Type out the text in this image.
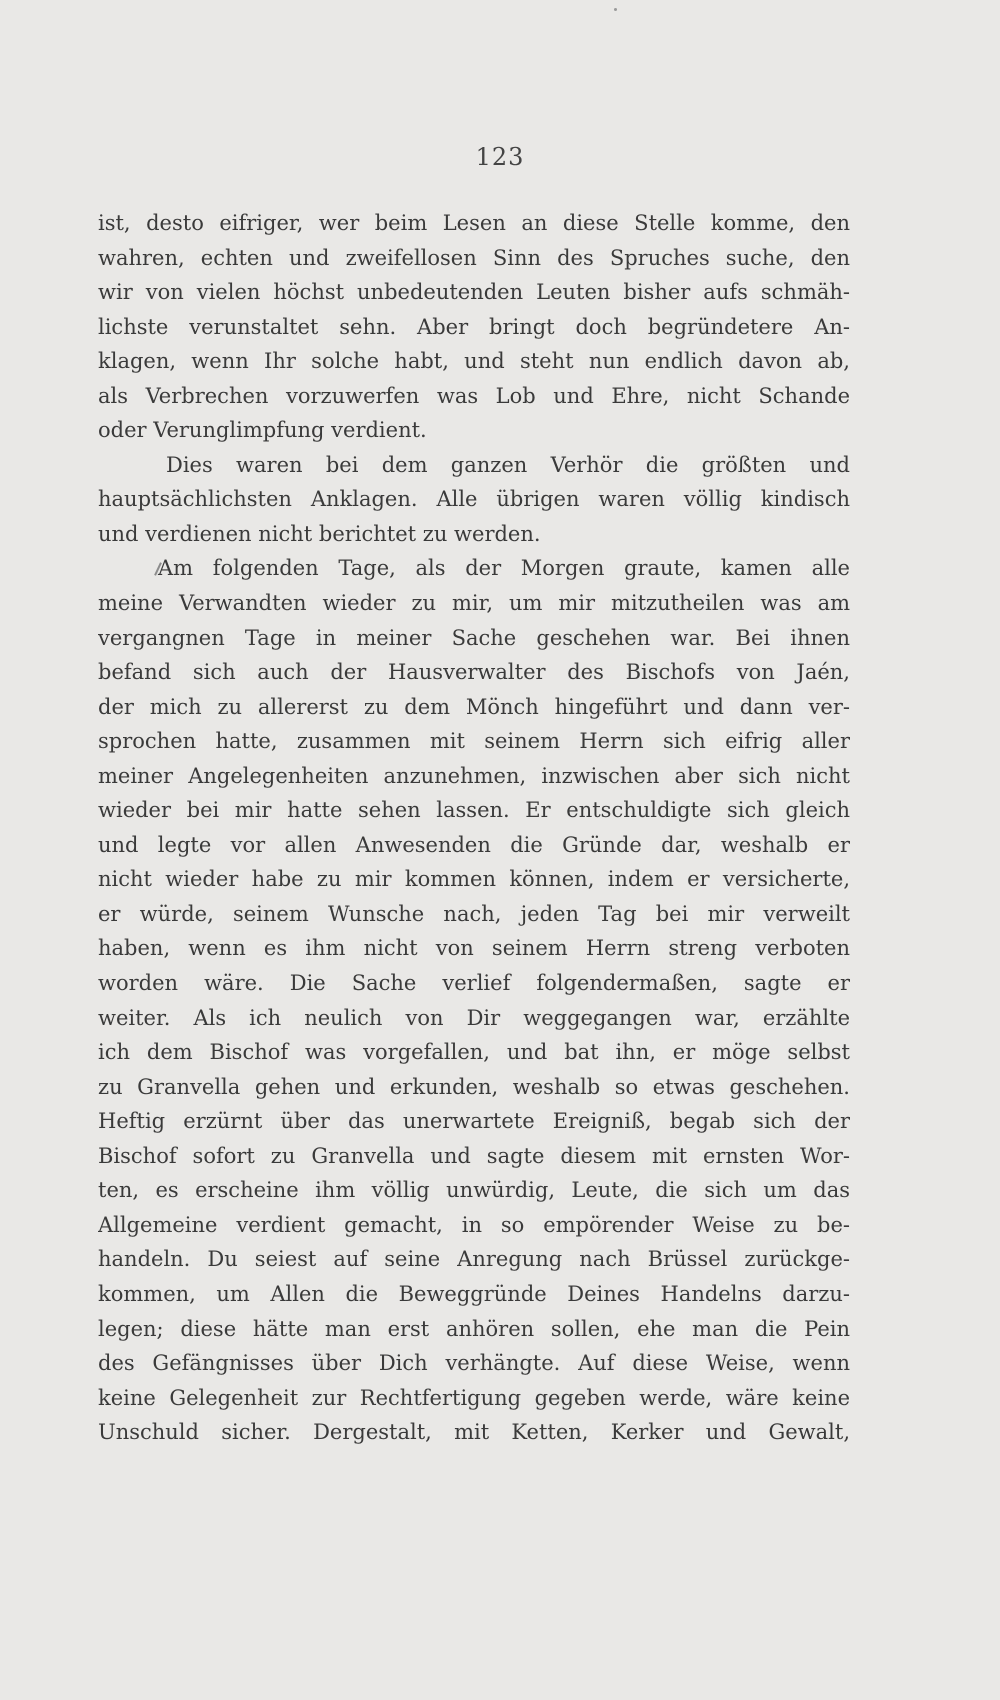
123
ist, desto eifriger, wer beim Lesen an diese Stelle komme, den
wahren, echten und zweifellosen Sinn des Spruches suche, den
wir von vielen höchst unbedeutenden Leuten bisher aufs schmäh-
lichste verunstaltet sehn. Aber bringt doch begründetere An-
klagen, wenn Ihr solche habt, und steht nun endlich davon ab,
als Verbrechen vorzuwerfen was Lob und Ehre, nicht Schande
oder Verunglimpfung verdient.
Dies waren bei dem ganzen Verhör die größten und
hauptsächlichsten Anklagen. Alle übrigen waren völlig kindisch
und verdienen nicht berichtet zu werden.
Am folgenden Tage, als der Morgen graute, kamen alle
meine Verwandten wieder zu mir, um mir mitzutheilen was am
vergangnen Tage in meiner Sache geschehen war. Bei ihnen
befand sich auch der Hausverwalter des Bischofs von Jaén,
der mich zu allererst zu dem Mönch hingeführt und dann ver-
sprochen hatte, zusammen mit seinem Herrn sich eifrig aller
meiner Angelegenheiten anzunehmen, inzwischen aber sich nicht
wieder bei mir hatte sehen lassen. Er entschuldigte sich gleich
und legte vor allen Anwesenden die Gründe dar, weshalb er
nicht wieder habe zu mir kommen können, indem er versicherte,
er würde, seinem Wunsche nach, jeden Tag bei mir verweilt
haben, wenn es ihm nicht von seinem Herrn streng verboten
worden wäre. Die Sache verlief folgendermaßen, sagte er
weiter. Als ich neulich von Dir weggegangen war, erzählte
ich dem Bischof was vorgefallen, und bat ihn, er möge selbst
zu Granvella gehen und erkunden, weshalb so etwas geschehen.
Heftig erzürnt über das unerwartete Ereigniß, begab sich der
Bischof sofort zu Granvella und sagte diesem mit ernsten Wor-
ten, es erscheine ihm völlig unwürdig, Leute, die sich um das
Allgemeine verdient gemacht, in so empörender Weise zu be-
handeln. Du seiest auf seine Anregung nach Brüssel zurückge-
kommen, um Allen die Beweggründe Deines Handelns darzu-
legen; diese hätte man erst anhören sollen, ehe man die Pein
des Gefängnisses über Dich verhängte. Auf diese Weise, wenn
keine Gelegenheit zur Rechtfertigung gegeben werde, wäre keine
Unschuld sicher. Dergestalt, mit Ketten, Kerker und Gewalt,
